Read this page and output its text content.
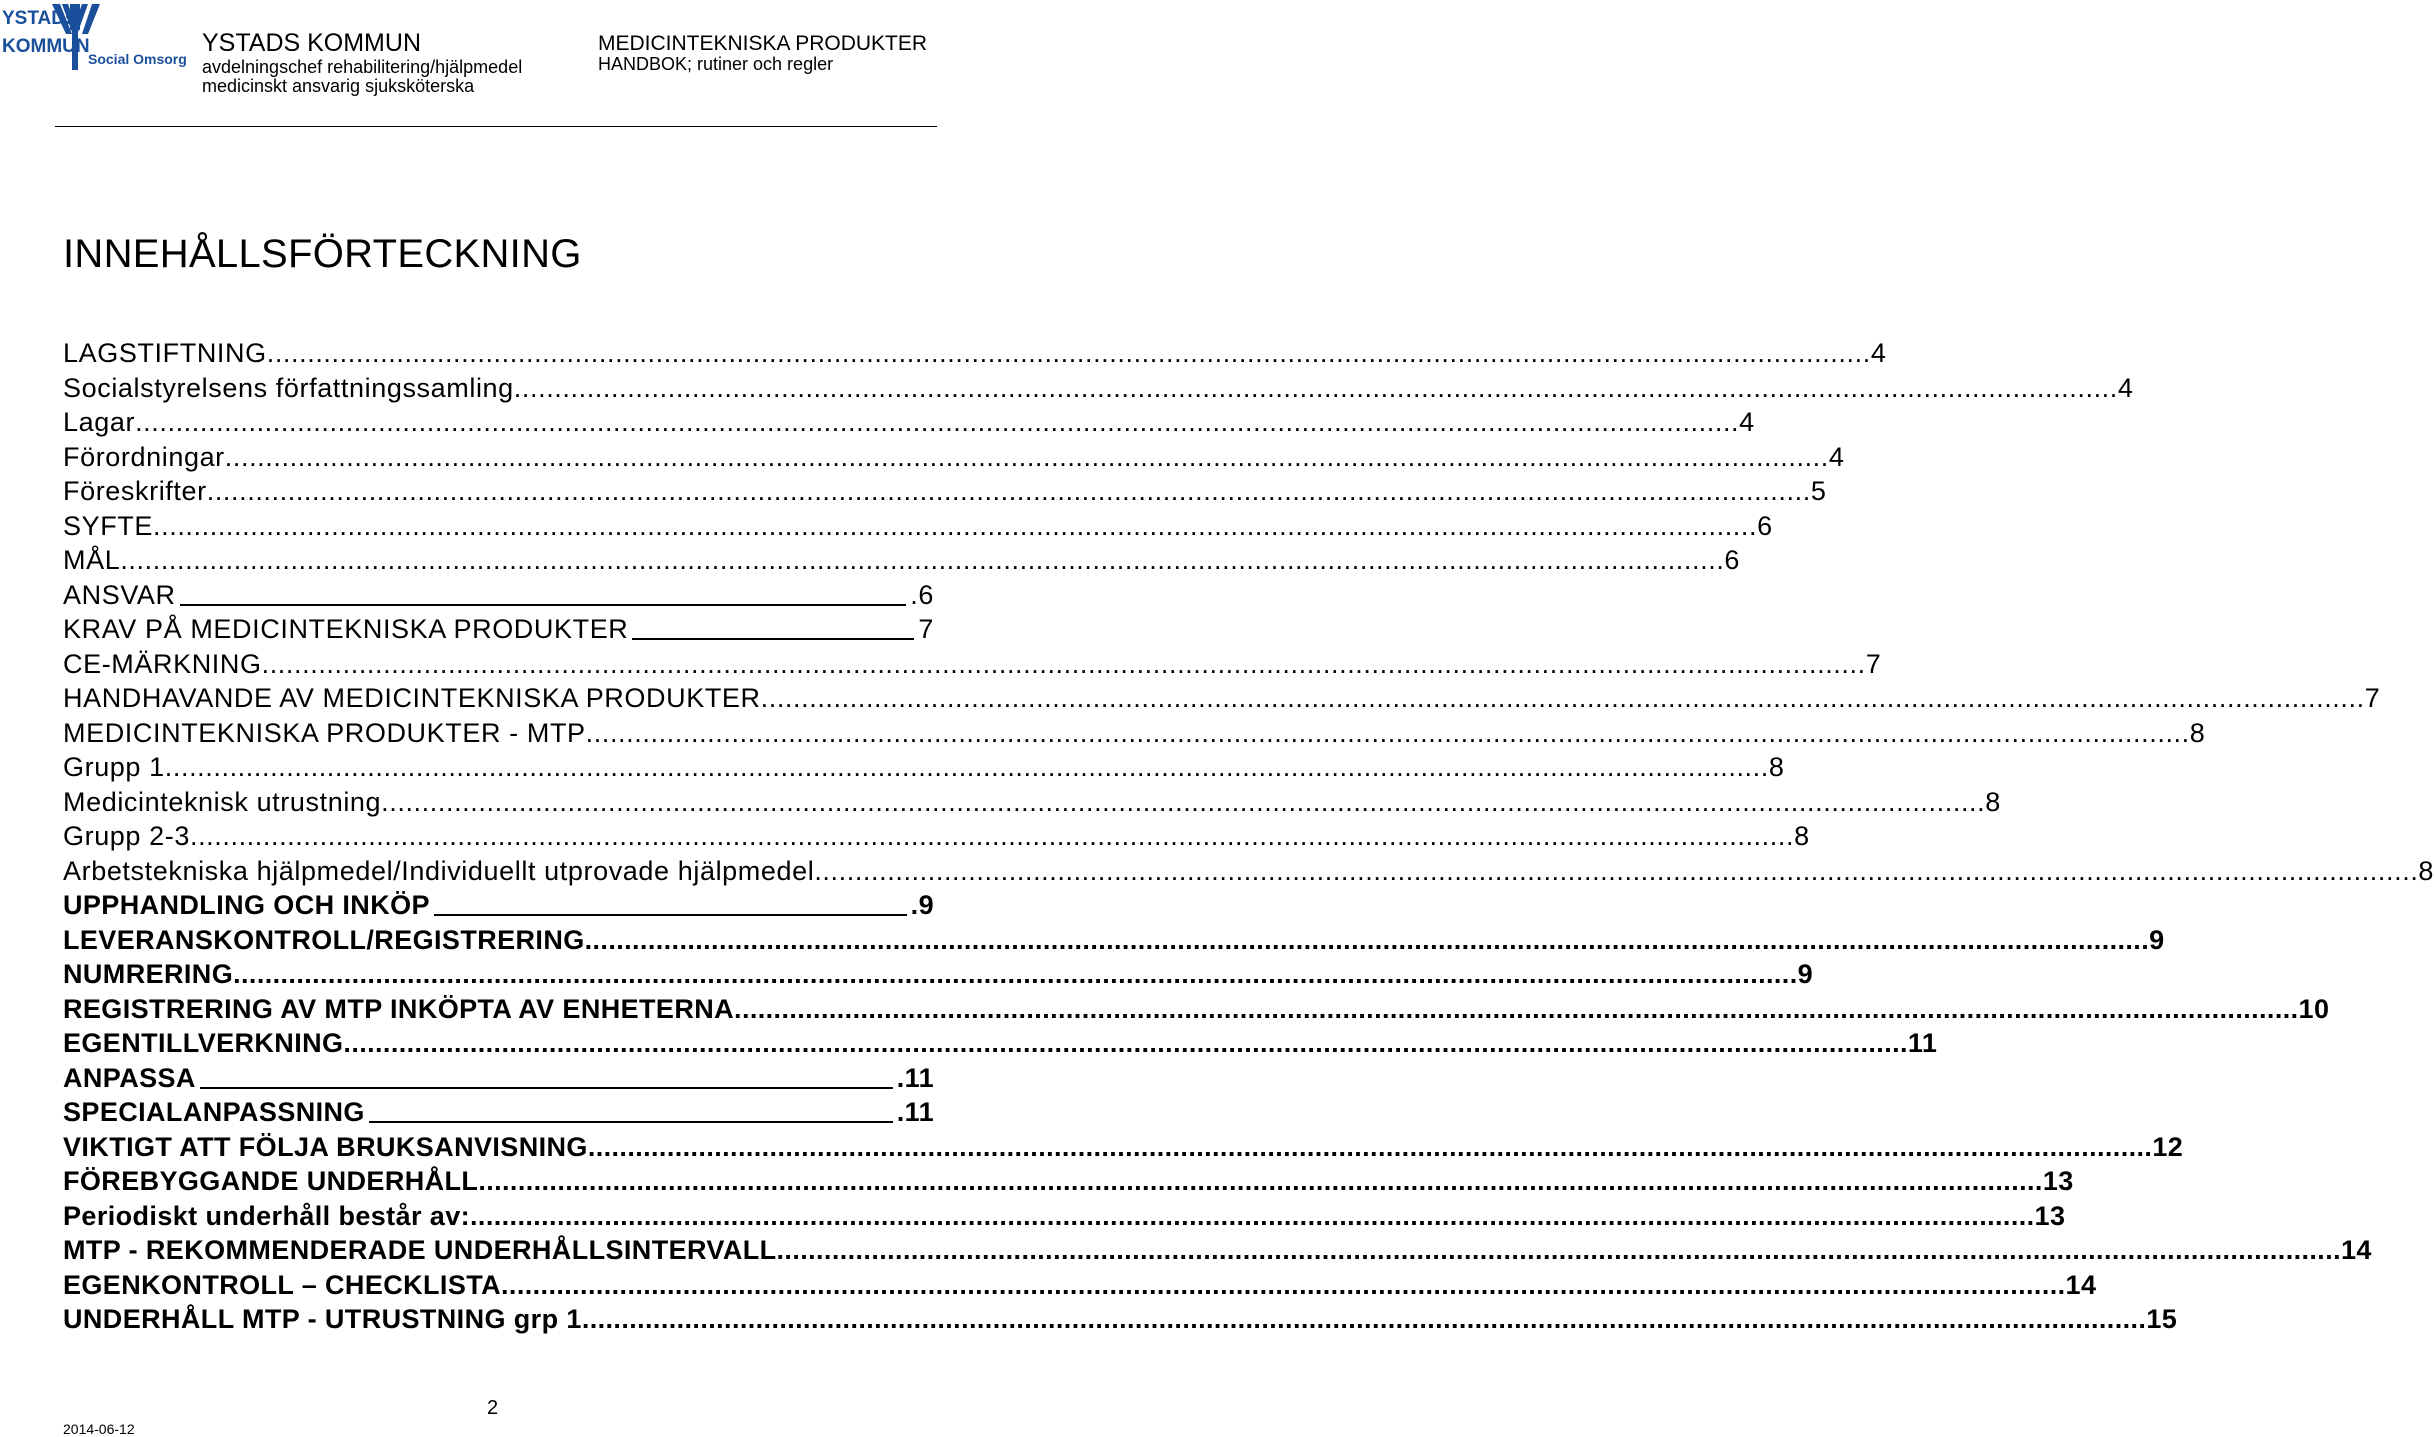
YSTADs
KOMMUN
Social Omsorg
YSTADS KOMMUN
avdelningschef rehabilitering/hjälpmedel
medicinskt ansvarig sjuksköterska
MEDICINTEKNISKA PRODUKTER
HANDBOK; rutiner och regler
INNEHÅLLSFÖRTECKNING
LAGSTIFTNING .....	4
Socialstyrelsens författningssamling .....	4
Lagar .....	4
Förordningar .....	4
Föreskrifter .....	5
SYFTE .....	6
MÅL .....	6
ANSVAR	.6
KRAV PÅ MEDICINTEKNISKA PRODUKTER	7
CE-MÄRKNING .....	7
HANDHAVANDE AV MEDICINTEKNISKA PRODUKTER .....	7
MEDICINTEKNISKA PRODUKTER - MTP .....	8
Grupp 1 .....	8
Medicinteknisk utrustning .....	8
Grupp 2-3 .....	8
Arbetstekniska hjälpmedel/Individuellt utprovade hjälpmedel .....	8
UPPHANDLING OCH INKÖP	.9
LEVERANSKONTROLL/REGISTRERING .....	9
NUMRERING .....	9
REGISTRERING AV MTP INKÖPTA AV ENHETERNA .....	10
EGENTILLVERKNING .....	11
ANPASSA	.11
SPECIALANPASSNING	.11
VIKTIGT ATT FÖLJA BRUKSANVISNING .....	12
FÖREBYGGANDE UNDERHÅLL .....	13
Periodiskt underhåll består av: .....	13
MTP - REKOMMENDERADE UNDERHÅLLSINTERVALL .....	14
EGENKONTROLL – CHECKLISTA .....	14
UNDERHÅLL MTP - UTRUSTNING grp 1 .....	15
2
2014-06-12
